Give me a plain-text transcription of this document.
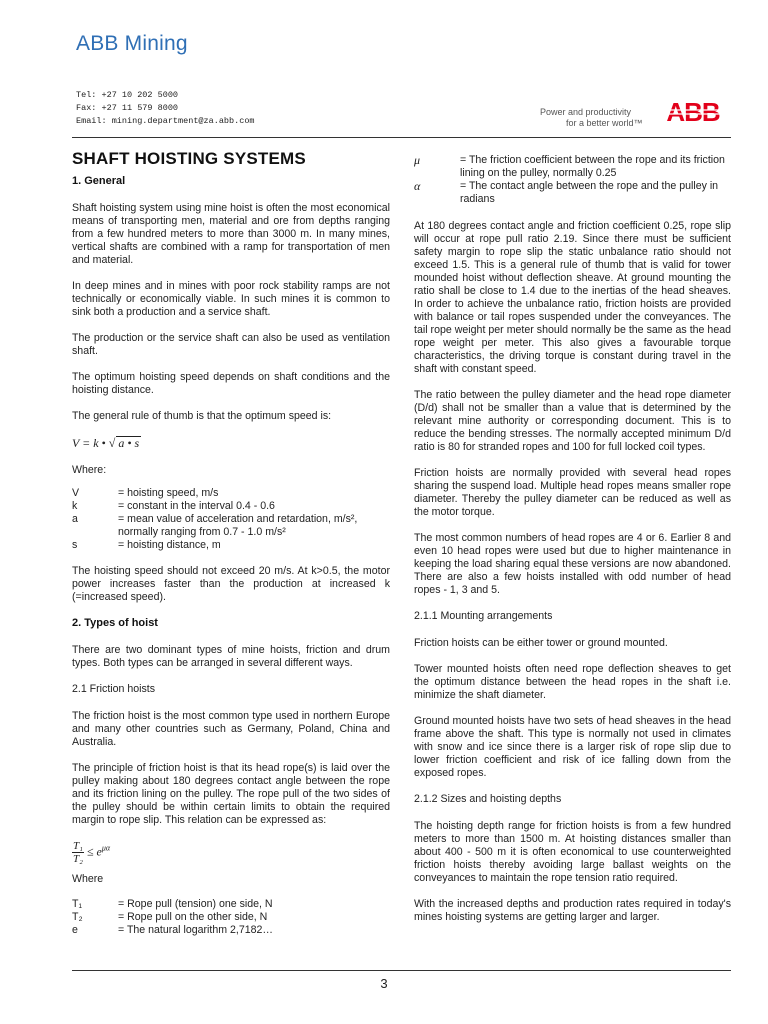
ABB Mining
Tel: +27 10 202 5000
Fax: +27 11 579 8000
Email: mining.department@za.abb.com
Power and productivity
for a better world™ ABB
SHAFT HOISTING SYSTEMS
1. General

Shaft hoisting system using mine hoist is often the most economical means of transporting men, material and ore from depths ranging from a few hundred meters to more than 3000 m. In many mines, vertical shafts are combined with a ramp for transportation of men and material.

In deep mines and in mines with poor rock stability ramps are not technically or economically viable. In such mines it is common to sink both a production and a service shaft.

The production or the service shaft can also be used as ventilation shaft.

The optimum hoisting speed depends on shaft conditions and the hoisting distance.

The general rule of thumb is that the optimum speed is:

V = k • √ a • s

Where:

V	= hoisting speed, m/s
k	= constant in the interval 0.4 - 0.6
a	= mean value of acceleration and retardation, m/s², normally ranging from 0.7 - 1.0 m/s²
s	= hoisting distance, m

The hoisting speed should not exceed 20 m/s. At k>0.5, the motor power increases faster than the production at increased k (=increased speed).

2. Types of hoist

There are two dominant types of mine hoists, friction and drum types. Both types can be arranged in several different ways.

2.1 Friction hoists

The friction hoist is the most common type used in northern Europe and many other countries such as Germany, Poland, China and Australia.

The principle of friction hoist is that its head rope(s) is laid over the pulley making about 180 degrees contact angle between the rope and its friction lining on the pulley. The rope pull of the two sides of the pulley should be within certain limits to obtain the required margin to rope slip. This relation can be expressed as:

$\frac{\text{T₁}}{\text{T₂}} \le e^{\mu\alpha}$

Where

T₁	= Rope pull (tension) one side, N
T₂	= Rope pull on the other side, N
e	= The natural logarithm 2,7182…
μ	= The friction coefficient between the rope and its friction lining on the pulley, normally 0.25
α	= The contact angle between the rope and the pulley in radians

At 180 degrees contact angle and friction coefficient 0.25, rope slip will occur at rope pull ratio 2.19. Since there must be sufficient safety margin to rope slip the static unbalance ratio should not exceed 1.5. This is a general rule of thumb that is valid for tower mounded hoist without deflection sheave. At ground mounting the ratio shall be close to 1.4 due to the inertias of the head sheaves. In order to achieve the unbalance ratio, friction hoists are provided with balance or tail ropes suspended under the conveyances. The tail rope weight per meter should normally be the same as the head rope weight per meter. This also gives a favourable torque characteristics, the driving torque is constant during travel in the shaft with constant speed.

The ratio between the pulley diameter and the head rope diameter (D/d) shall not be smaller than a value that is determined by the relevant mine authority or corresponding document. This is to reduce the bending stresses. The normally accepted minimum D/d ratio is 80 for stranded ropes and 100 for full locked coil types.

Friction hoists are normally provided with several head ropes sharing the suspend load. Multiple head ropes means smaller rope diameter. Thereby the pulley diameter can be reduced as well as the motor torque.

The most common numbers of head ropes are 4 or 6. Earlier 8 and even 10 head ropes were used but due to higher maintenance in keeping the load sharing equal these versions are now abandoned. There are also a few hoists installed with odd number of head ropes - 1, 3 and 5.

2.1.1 Mounting arrangements

Friction hoists can be either tower or ground mounted.

Tower mounted hoists often need rope deflection sheaves to get the optimum distance between the head ropes in the shaft i.e. minimize the shaft diameter.

Ground mounted hoists have two sets of head sheaves in the head frame above the shaft. This type is normally not used in climates with snow and ice since there is a larger risk of rope slip due to lower friction coefficient and risk of ice falling down from the exposed ropes.

2.1.2 Sizes and hoisting depths

The hoisting depth range for friction hoists is from a few hundred meters to more than 1500 m. At hoisting distances smaller than about 400 - 500 m it is often economical to use counterweighted friction hoists thereby avoiding large ballast weights on the conveyances to maintain the rope tension ratio required.

With the increased depths and production rates required in today's mines hoisting systems are getting larger and larger.

3
